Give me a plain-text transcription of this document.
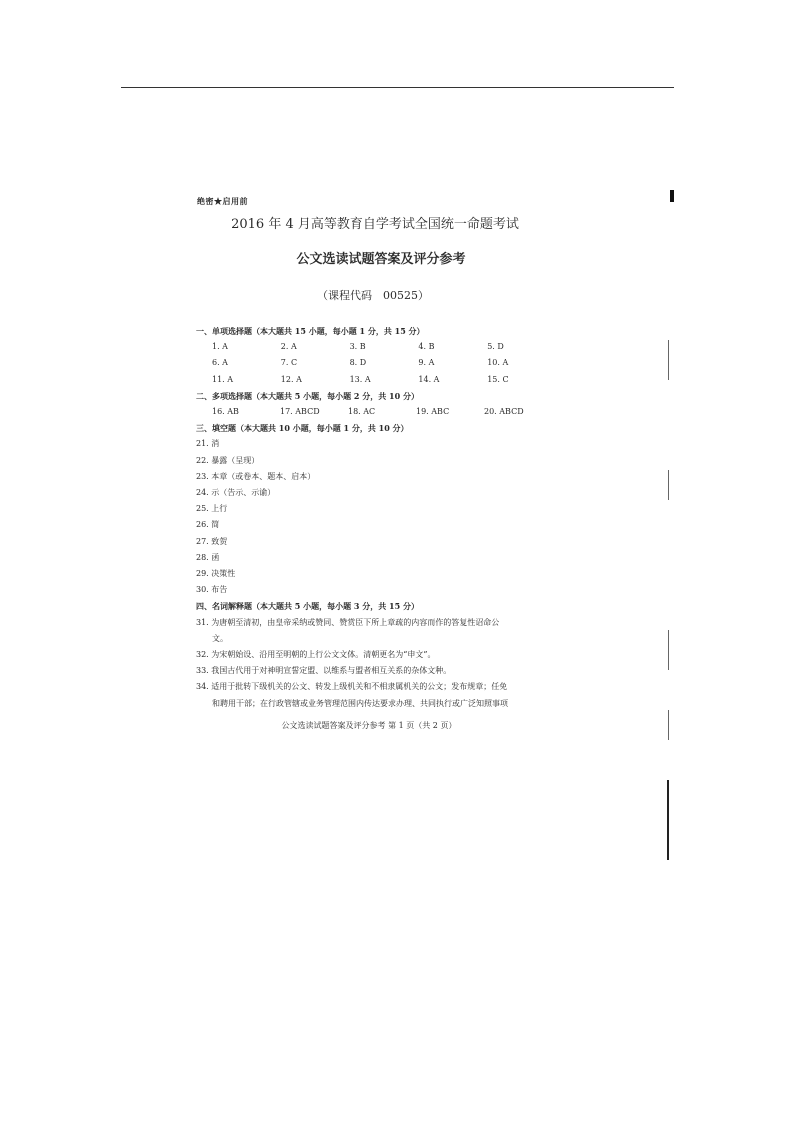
绝密★启用前
2016 年 4 月高等教育自学考试全国统一命题考试
公文选读试题答案及评分参考
（课程代码　00525）
一、单项选择题（本大题共 15 小题，每小题 1 分，共 15 分）
1. A	2. A	3. B	4. B	5. D
6. A	7. C	8. D	9. A	10. A
11. A	12. A	13. A	14. A	15. C
二、多项选择题（本大题共 5 小题，每小题 2 分，共 10 分）
16. AB	17. ABCD	18. AC	19. ABC	20. ABCD
三、填空题（本大题共 10 小题，每小题 1 分，共 10 分）
21. 消
22. 暴露（呈现）
23. 本章（或卷本、题本、启本）
24. 示（告示、示谕）
25. 上行
26. 简
27. 致贺
28. 函
29. 决策性
30. 布告
四、名词解释题（本大题共 5 小题，每小题 3 分，共 15 分）
31. 为唐朝至清初，由皇帝采纳或赞同、赞赏臣下所上章疏的内容而作的答复性诏命公
文。
32. 为宋朝始设、沿用至明朝的上行公文文体。清朝更名为“申文”。
33. 我国古代用于对神明宣誓定盟、以维系与盟者相互关系的杂体文种。
34. 适用于批转下级机关的公文、转发上级机关和不相隶属机关的公文；发布规章；任免
和聘用干部；在行政管辖或业务管理范围内传达要求办理、共同执行或广泛知照事项
公文选读试题答案及评分参考 第 1 页（共 2 页）
